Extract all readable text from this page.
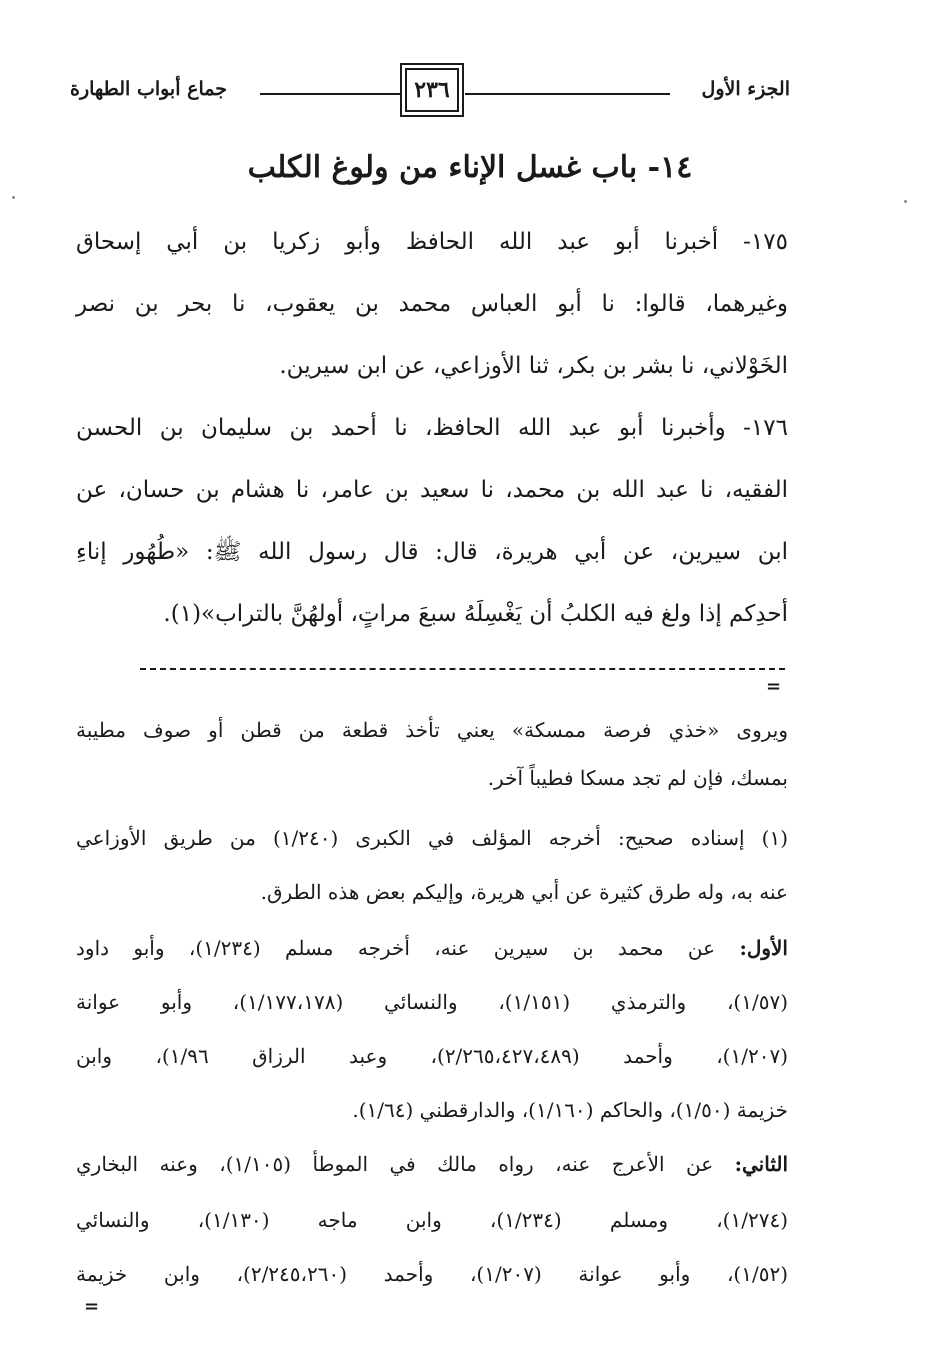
الجزء الأول
٢٣٦
جماع أبواب الطهارة
١٤- باب غسل الإناء من ولوغ الكلب
١٧٥- أخبرنا أبو عبد الله الحافظ وأبو زكريا بن أبي إسحاق
وغيرهما، قالوا: نا أبو العباس محمد بن يعقوب، نا بحر بن نصر
الخَوْلاني، نا بشر بن بكر، ثنا الأوزاعي، عن ابن سيرين.
١٧٦- وأخبرنا أبو عبد الله الحافظ، نا أحمد بن سليمان بن الحسن
الفقيه، نا عبد الله بن محمد، نا سعيد بن عامر، نا هشام بن حسان، عن
ابن سيرين، عن أبي هريرة، قال: قال رسول الله ﷺ: «طُهُور إناءِ
أحدِكم إذا ولغ فيه الكلبُ أن يَغْسِلَهُ سبعَ مراتٍ، أولهُنَّ بالتراب»(١).
=
ويروى «خذي فرصة ممسكة» يعني تأخذ قطعة من قطن أو صوف مطيبة
بمسك، فإن لم تجد مسكا فطيباً آخر.
(١) إسناده صحيح: أخرجه المؤلف في الكبرى (١/٢٤٠) من طريق الأوزاعي
عنه به، وله طرق كثيرة عن أبي هريرة، وإليكم بعض هذه الطرق.
الأول: عن محمد بن سيرين عنه، أخرجه مسلم (١/٢٣٤)، وأبو داود
(١/٥٧)، والترمذي (١/١٥١)، والنسائي (١/١٧٧،١٧٨)، وأبو عوانة
(١/٢٠٧)، وأحمد (٢/٢٦٥،٤٢٧،٤٨٩)، وعبد الرزاق ١/٩٦)، وابن
خزيمة (١/٥٠)، والحاكم (١/١٦٠)، والدارقطني (١/٦٤).
الثاني: عن الأعرج عنه، رواه مالك في الموطأ (١/١٠٥)، وعنه البخاري
(١/٢٧٤)، ومسلم (١/٢٣٤)، وابن ماجه (١/١٣٠)، والنسائي
(١/٥٢)، وأبو عوانة (١/٢٠٧)، وأحمد (٢/٢٤٥،٢٦٠)، وابن خزيمة
=
